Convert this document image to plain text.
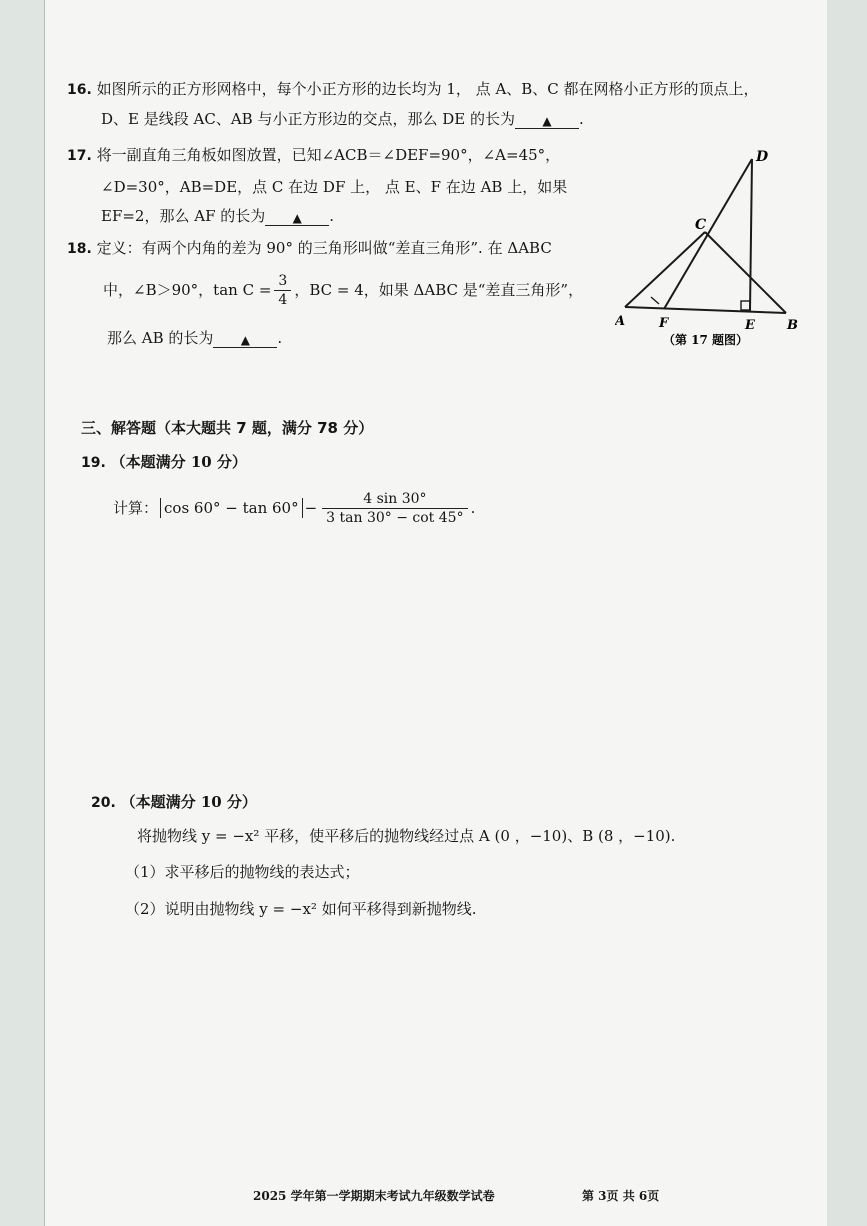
16. 如图所示的正方形网格中，每个小正方形的边长均为 1， 点 A、B、C 都在网格小正方形的顶点上，
D、E 是线段 AC、AB 与小正方形边的交点，那么 DE 的长为 ▲ .
17. 将一副直角三角板如图放置，已知∠ACB＝∠DEF=90°，∠A=45°，
∠D=30°，AB=DE，点 C 在边 DF 上， 点 E、F 在边 AB 上，如果
EF=2，那么 AF 的长为 ▲ .
D
C
A	F	E B
（第 17 题图）
18. 定义：有两个内角的差为 90° 的三角形叫做“差直三角形”. 在 ΔABC
中，∠B＞90°，$\tan C = \frac{3}{4}$ ，BC = 4，如果 ΔABC 是“差直三角形”，
那么 AB 的长为 ▲ .
三、解答题（本大题共 7 题，满分 78 分）
19. （本题满分 10 分）
计算： $\cos 60^\circ - \tan 60^\circ - \frac{4 \sin 30^\circ}{3 \tan 30^\circ - \cot 45^\circ}$ .
20. （本题满分 10 分）
将抛物线 y = −x² 平移，使平移后的抛物线经过点 A (0 ，−10)、B (8 ，−10).
（1）求平移后的抛物线的表达式；
（2）说明由抛物线 y = −x² 如何平移得到新抛物线.
2025 学年第一学期期末考试九年级数学试卷	第 3页 共 6页
